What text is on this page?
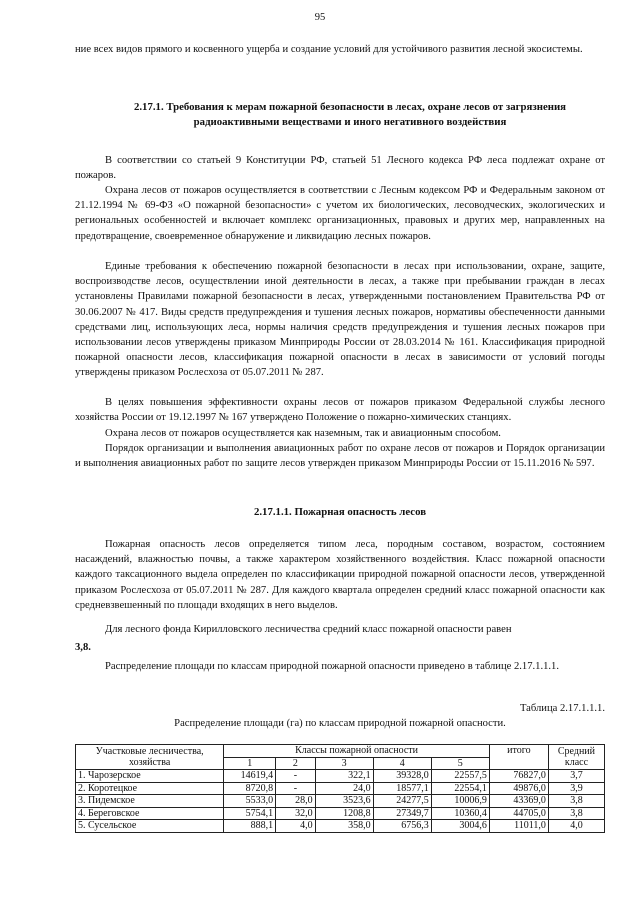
95

ние всех видов прямого и косвенного ущерба и создание условий для устойчивого развития лесной экосистемы.

2.17.1. Требования к мерам пожарной безопасности в лесах, охране лесов от загрязнения радиоактивными веществами и иного негативного воздействия

В соответствии со статьей 9 Конституции РФ, статьей 51 Лесного кодекса РФ леса подлежат охране от пожаров.

Охрана лесов от пожаров осуществляется в соответствии с Лесным кодексом РФ и Федеральным законом от 21.12.1994 № 69-ФЗ «О пожарной безопасности» с учетом их биологических, лесоводческих, экологических и региональных особенностей и включает комплекс организационных, правовых и других мер, направленных на предотвращение, своевременное обнаружение и ликвидацию лесных пожаров.

Единые требования к обеспечению пожарной безопасности в лесах при использовании, охране, защите, воспроизводстве лесов, осуществлении иной деятельности в лесах, а также при пребывании граждан в лесах установлены Правилами пожарной безопасности в лесах, утвержденными постановлением Правительства РФ от 30.06.2007 № 417. Виды средств предупреждения и тушения лесных пожаров, нормативы обеспеченности данными средствами лиц, использующих леса, нормы наличия средств предупреждения и тушения лесных пожаров при использовании лесов утверждены приказом Минприроды России от 28.03.2014 № 161. Классификация природной пожарной опасности лесов, классификация пожарной опасности в лесах в зависимости от условий погоды утверждены приказом Рослесхоза от 05.07.2011 № 287.

В целях повышения эффективности охраны лесов от пожаров приказом Федеральной службы лесного хозяйства России от 19.12.1997 № 167 утверждено Положение о пожарно-химических станциях.

Охрана лесов от пожаров осуществляется как наземным, так и авиационным способом.

Порядок организации и выполнения авиационных работ по охране лесов от пожаров и Порядок организации и выполнения авиационных работ по защите лесов утвержден приказом Минприроды России от 15.11.2016 № 597.

2.17.1.1. Пожарная опасность лесов

Пожарная опасность лесов определяется типом леса, породным составом, возрастом, состоянием насаждений, влажностью почвы, а также характером хозяйственного воздействия. Класс пожарной опасности каждого таксационного выдела определен по классификации природной пожарной опасности лесов, утвержденной приказом Рослесхоза от 05.07.2011 № 287. Для каждого квартала определен средний класс пожарной опасности как средневзвешенный по площади входящих в него выделов.

Для лесного фонда Кирилловского лесничества средний класс пожарной опасности равен

3,8.

Распределение площади по классам природной пожарной опасности приведено в таблице 2.17.1.1.1.

Таблица 2.17.1.1.1.
Распределение площади (га) по классам природной пожарной опасности.
Участковые лесничества, хозяйства	Классы пожарной опасности					итого	Средний класс
	1	2	3	4	5		
1. Чарозерское	14619,4	-	322,1	39328,0	22557,5	76827,0	3,7
2. Коротецкое	8720,8	-	24,0	18577,1	22554,1	49876,0	3,9
3. Пидемское	5533,0	28,0	3523,6	24277,5	10006,9	43369,0	3,8
4. Береговское	5754,1	32,0	1208,8	27349,7	10360,4	44705,0	3,8
5. Сусельское	888,1	4,0	358,0	6756,3	3004,6	11011,0	4,0
